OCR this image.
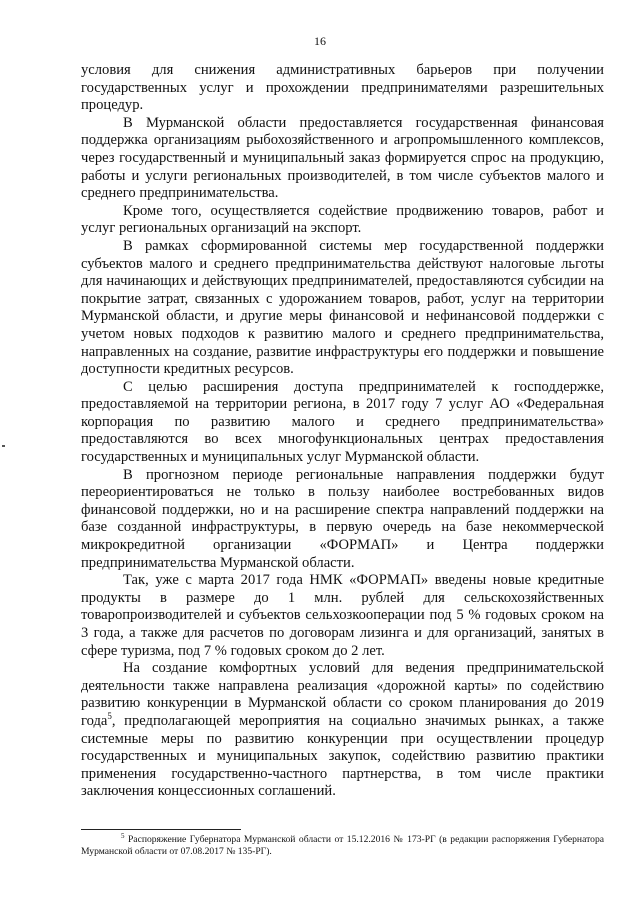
16

условия для снижения административных барьеров при получении государственных услуг и прохождении предпринимателями разрешительных процедур.

В Мурманской области предоставляется государственная финансовая поддержка организациям рыбохозяйственного и агропромышленного комплексов, через государственный и муниципальный заказ формируется спрос на продукцию, работы и услуги региональных производителей, в том числе субъектов малого и среднего предпринимательства.

Кроме того, осуществляется содействие продвижению товаров, работ и услуг региональных организаций на экспорт.

В рамках сформированной системы мер государственной поддержки субъектов малого и среднего предпринимательства действуют налоговые льготы для начинающих и действующих предпринимателей, предоставляются субсидии на покрытие затрат, связанных с удорожанием товаров, работ, услуг на территории Мурманской области, и другие меры финансовой и нефинансовой поддержки с учетом новых подходов к развитию малого и среднего предпринимательства, направленных на создание, развитие инфраструктуры его поддержки и повышение доступности кредитных ресурсов.

С целью расширения доступа предпринимателей к господдержке, предоставляемой на территории региона, в 2017 году 7 услуг АО «Федеральная корпорация по развитию малого и среднего предпринимательства» предоставляются во всех многофункциональных центрах предоставления государственных и муниципальных услуг Мурманской области.

В прогнозном периоде региональные направления поддержки будут переориентироваться не только в пользу наиболее востребованных видов финансовой поддержки, но и на расширение спектра направлений поддержки на базе созданной инфраструктуры, в первую очередь на базе некоммерческой микрокредитной организации «ФОРМАП» и Центра поддержки предпринимательства Мурманской области.

Так, уже с марта 2017 года НМК «ФОРМАП» введены новые кредитные продукты в размере до 1 млн. рублей для сельскохозяйственных товаропроизводителей и субъектов сельхозкооперации под 5 % годовых сроком на 3 года, а также для расчетов по договорам лизинга и для организаций, занятых в сфере туризма, под 7 % годовых сроком до 2 лет.

На создание комфортных условий для ведения предпринимательской деятельности также направлена реализация «дорожной карты» по содействию развитию конкуренции в Мурманской области со сроком планирования до 2019 года$^5$, предполагающей мероприятия на социально значимых рынках, а также системные меры по развитию конкуренции при осуществлении процедур государственных и муниципальных закупок, содействию развитию практики применения государственно-частного партнерства, в том числе практики заключения концессионных соглашений.

$^5$ Распоряжение Губернатора Мурманской области от 15.12.2016 № 173-РГ (в редакции распоряжения Губернатора Мурманской области от 07.08.2017 № 135-РГ).
